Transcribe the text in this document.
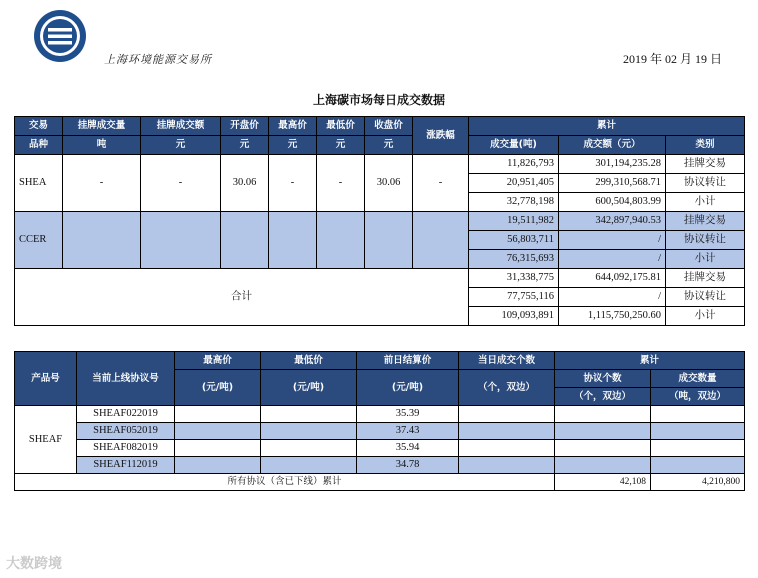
上海环境能源交易所	2019 年 02 月 19 日
上海碳市场每日成交数据
交易	挂牌成交量	挂牌成交额	开盘价	最高价	最低价	收盘价	涨跌幅	累计		
品种	吨	元	元	元	元	元		成交量(吨)	成交额（元）	类别
SHEA	-	-	30.06	-	-	30.06	-	11,826,793	301,194,235.28	挂牌交易
								20,951,405	299,310,568.71	协议转让
								32,778,198	600,504,803.99	小计
CCER								19,511,982	342,897,940.53	挂牌交易
								56,803,711	/	协议转让
								76,315,693	/	小计
合计								31,338,775	644,092,175.81	挂牌交易
								77,755,116	/	协议转让
								109,093,891	1,115,750,250.60	小计
产品号	当前上线协议号	最高价	最低价	前日结算价	当日成交个数	累计	
		(元/吨)	(元/吨)	(元/吨)	（个，双边）	协议个数	成交数量
						（个，双边）	（吨，双边）
SHEAF	SHEAF022019			35.39			
	SHEAF052019			37.43			
	SHEAF082019			35.94			
	SHEAF112019			34.78			
所有协议（含已下线）累计						42,108	4,210,800
大数跨境
